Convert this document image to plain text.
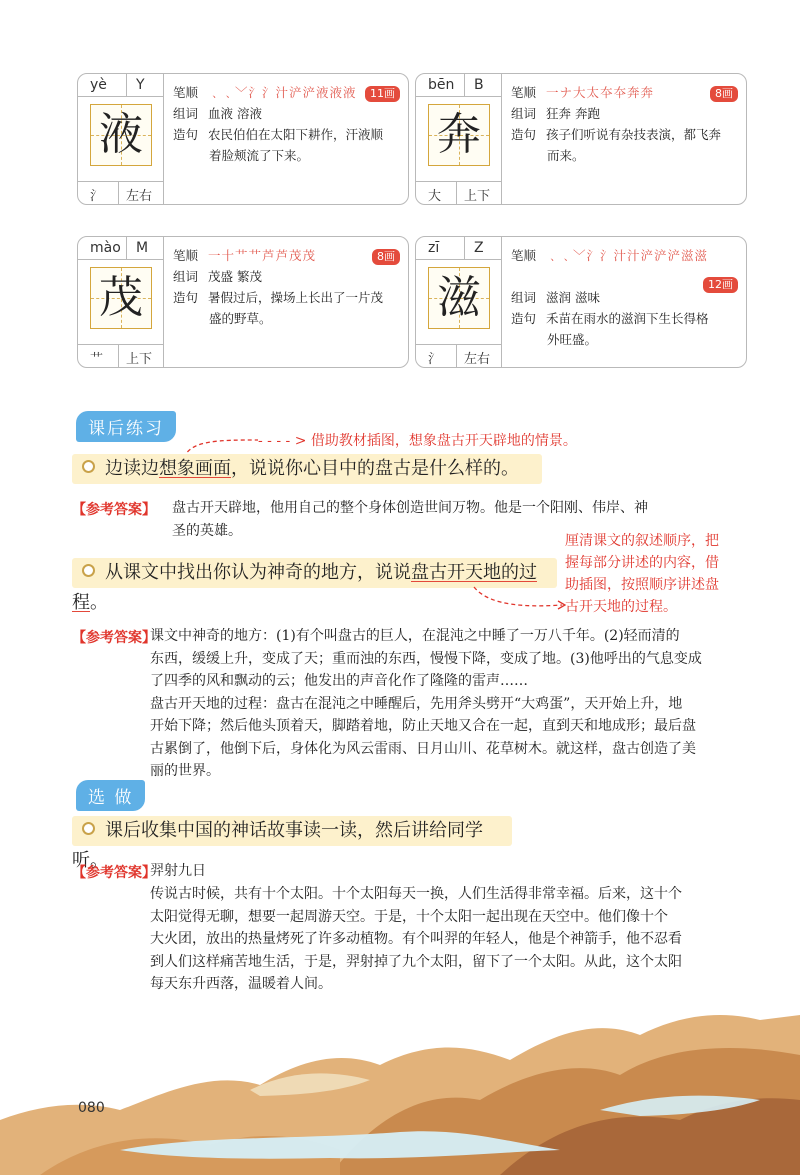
yè Y
液
氵 左右
笔顺 ﹑﹑﹀氵氵汁浐浐液液液	11画
组词 血液 溶液
造句 农民伯伯在太阳下耕作，汗液顺
着脸颊流了下来。
bēn B
奔
大 上下
笔顺 一ナ大太夲夲奔奔	8画
组词 狂奔 奔跑
造句 孩子们听说有杂技表演，都飞奔
而来。
mào M
茂
艹 上下
笔顺 一十艹艹芦芦茂茂	8画
组词 茂盛 繁茂
造句 暑假过后，操场上长出了一片茂
盛的野草。
zī Z
滋
氵 左右
笔顺 ﹑﹑﹀氵氵汁汁浐浐浐滋滋
12画
组词 滋润 滋味
造句 禾苗在雨水的滋润下生长得格
外旺盛。
课后练习
- - - - > 借助教材插图，想象盘古开天辟地的情景。
边读边想象画面，说说你心目中的盘古是什么样的。
【参考答案】 盘古开天辟地，他用自己的整个身体创造世间万物。他是一个阳刚、伟岸、神
圣的英雄。
从课文中找出你认为神奇的地方，说说盘古开天地的过程。
厘清课文的叙述顺序，把
握每部分讲述的内容，借
助插图，按照顺序讲述盘
古开天地的过程。
【参考答案】
课文中神奇的地方：(1)有个叫盘古的巨人，在混沌之中睡了一万八千年。(2)轻而清的
东西，缓缓上升，变成了天；重而浊的东西，慢慢下降，变成了地。(3)他呼出的气息变成
了四季的风和飘动的云；他发出的声音化作了隆隆的雷声……
盘古开天地的过程：盘古在混沌之中睡醒后，先用斧头劈开“大鸡蛋”，天开始上升，地
开始下降；然后他头顶着天，脚踏着地，防止天地又合在一起，直到天和地成形；最后盘
古累倒了，他倒下后，身体化为风云雷雨、日月山川、花草树木。就这样，盘古创造了美
丽的世界。
选 做
课后收集中国的神话故事读一读，然后讲给同学听。
【参考答案】
羿射九日
传说古时候，共有十个太阳。十个太阳每天一换，人们生活得非常幸福。后来，这十个
太阳觉得无聊，想要一起周游天空。于是，十个太阳一起出现在天空中。他们像十个
大火团，放出的热量烤死了许多动植物。有个叫羿的年轻人，他是个神箭手，他不忍看
到人们这样痛苦地生活，于是，羿射掉了九个太阳，留下了一个太阳。从此，这个太阳
每天东升西落，温暖着人间。
080
